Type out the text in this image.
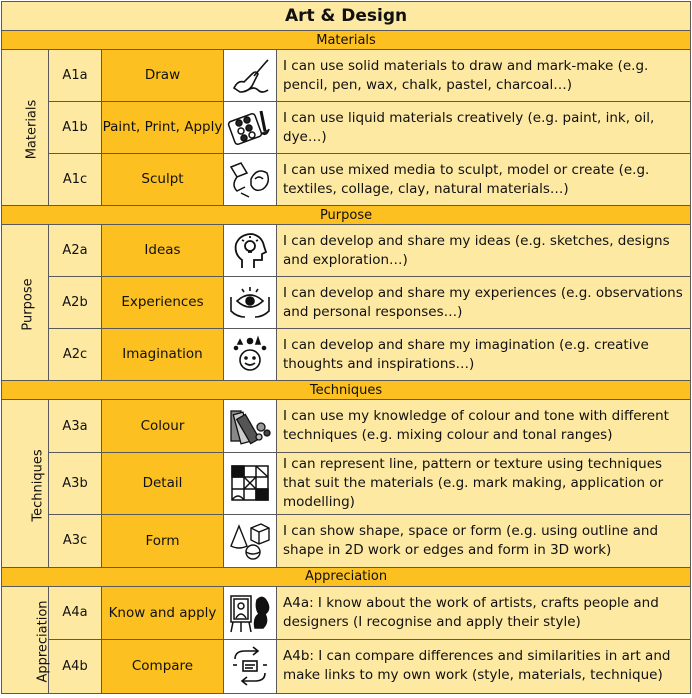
Art & Design				
Materials				
Materials	A1a	Draw		I can use solid materials to draw and mark-make (e.g. pencil, pen, wax, chalk, pastel, charcoal…)
	A1b	Paint, Print, Apply		I can use liquid materials creatively (e.g. paint, ink, oil, dye…)
	A1c	Sculpt		I can use mixed media to sculpt, model or create (e.g. textiles, collage, clay, natural materials…)
Purpose				
Purpose	A2a	Ideas		I can develop and share my ideas (e.g. sketches, designs and exploration…)
	A2b	Experiences		I can develop and share my experiences (e.g. observations and personal responses…)
	A2c	Imagination		I can develop and share my imagination (e.g. creative thoughts and inspirations…)
Techniques				
Techniques	A3a	Colour		I can use my knowledge of colour and tone with different techniques (e.g. mixing colour and tonal ranges)
	A3b	Detail		I can represent line, pattern or texture using techniques that suit the materials (e.g. mark making, application or modelling)
	A3c	Form		I can show shape, space or form (e.g. using outline and shape in 2D work or edges and form in 3D work)
Appreciation				
Appreciation	A4a	Know and apply		A4a: I know about the work of artists, crafts people and designers (I recognise and apply their style)
	A4b	Compare		A4b: I can compare differences and similarities in art and make links to my own work (style, materials, technique)
